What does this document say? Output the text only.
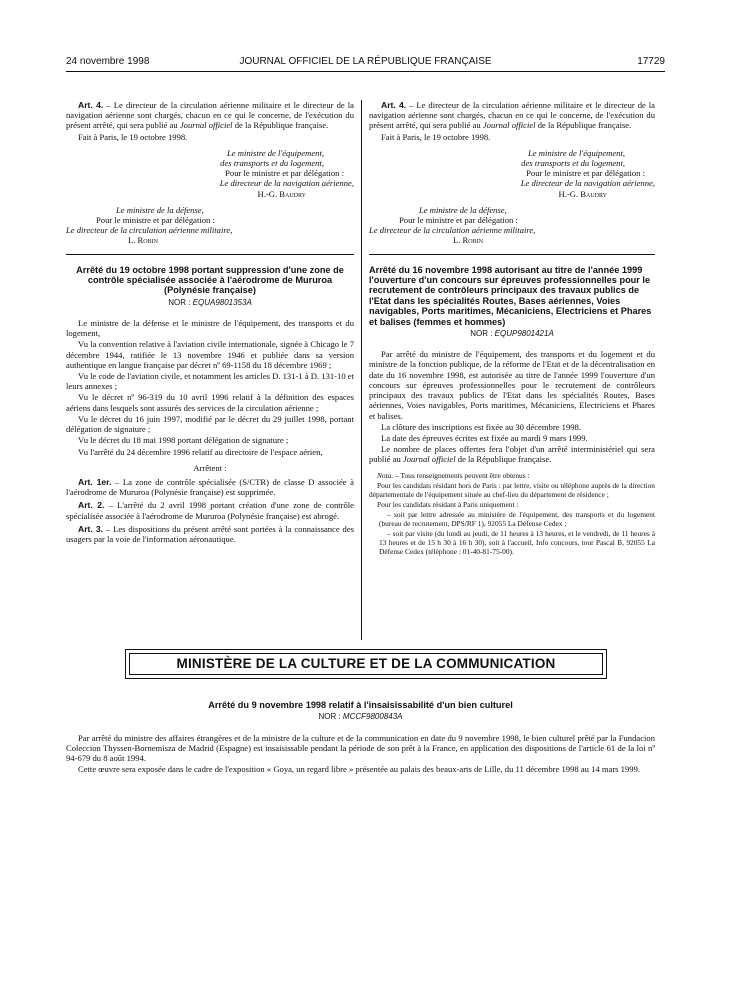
24 novembre 1998	JOURNAL OFFICIEL DE LA RÉPUBLIQUE FRANÇAISE	17729

Art. 4. – Le directeur de la circulation aérienne militaire et le directeur de la navigation aérienne sont chargés, chacun en ce qui le concerne, de l'exécution du présent arrêté, qui sera publié au Journal officiel de la République française.

Fait à Paris, le 19 octobre 1998.

Le ministre de l'équipement,

des transports et du logement,

Pour le ministre et par délégation :

Le directeur de la navigation aérienne,

H.-G. Baudry

Le ministre de la défense,

Pour le ministre et par délégation :

Le directeur de la circulation aérienne militaire,

L. Robin

Arrêté du 19 octobre 1998 portant suppression d'une zone de contrôle spécialisée associée à l'aérodrome de Mururoa (Polynésie française)

NOR : EQUA9801353A

Le ministre de la défense et le ministre de l'équipement, des transports et du logement,

Vu la convention relative à l'aviation civile internationale, signée à Chicago le 7 décembre 1944, ratifiée le 13 novembre 1946 et publiée dans sa version authentique en langue française par décret nº 69-1158 du 18 décembre 1969 ;

Vu le code de l'aviation civile, et notamment les articles D. 131-1 à D. 131-10 et leurs annexes ;

Vu le décret nº 96-319 du 10 avril 1996 relatif à la définition des espaces aériens dans lesquels sont assurés des services de la circulation aérienne ;

Vu le décret du 16 juin 1997, modifié par le décret du 29 juillet 1998, portant délégation de signature ;

Vu le décret du 18 mai 1998 portant délégation de signature ;

Vu l'arrêté du 24 décembre 1996 relatif au directoire de l'espace aérien,

Arrêtent :

Art. 1er. – La zone de contrôle spécialisée (S/CTR) de classe D associée à l'aérodrome de Mururoa (Polynésie française) est supprimée.

Art. 2. – L'arrêté du 2 avril 1998 portant création d'une zone de contrôle spécialisée associée à l'aérodrome de Mururoa (Polynésie française) est abrogé.

Art. 3. – Les dispositions du présent arrêté sont portées à la connaissance des usagers par la voie de l'information aéronautique.

Art. 4. – Le directeur de la circulation aérienne militaire et le directeur de la navigation aérienne sont chargés, chacun en ce qui le concerne, de l'exécution du présent arrêté, qui sera publié au Journal officiel de la République française.

Fait à Paris, le 19 octobre 1998.

Le ministre de l'équipement,

des transports et du logement,

Pour le ministre et par délégation :

Le directeur de la navigation aérienne,

H.-G. Baudry

Le ministre de la défense,

Pour le ministre et par délégation :

Le directeur de la circulation aérienne militaire,

L. Robin

Arrêté du 16 novembre 1998 autorisant au titre de l'année 1999 l'ouverture d'un concours sur épreuves professionnelles pour le recrutement de contrôleurs principaux des travaux publics de l'Etat dans les spécialités Routes, Bases aériennes, Voies navigables, Ports maritimes, Mécaniciens, Electriciens et Phares et balises (femmes et hommes)

NOR : EQUP9801421A

Par arrêté du ministre de l'équipement, des transports et du logement et du ministre de la fonction publique, de la réforme de l'Etat et de la décentralisation en date du 16 novembre 1998, est autorisée au titre de l'année 1999 l'ouverture d'un concours sur épreuves professionnelles pour le recrutement de contrôleurs principaux des travaux publics de l'Etat dans les spécialités Routes, Bases aériennes, Voies navigables, Ports maritimes, Mécaniciens, Electriciens et Phares et balises.

La clôture des inscriptions est fixée au 30 décembre 1998.

La date des épreuves écrites est fixée au mardi 9 mars 1999.

Le nombre de places offertes fera l'objet d'un arrêté interministériel qui sera publié au Journal officiel de la République française.

Nota. – Tous renseignements peuvent être obtenus :

Pour les candidats résidant hors de Paris : par lettre, visite ou téléphone auprès de la direction départementale de l'équipement située au chef-lieu du département de résidence ;

Pour les candidats résidant à Paris uniquement :

– soit par lettre adressée au ministère de l'équipement, des transports et du logement (bureau de recrutement, DPS/RF 1), 92055 La Défense Cedex ;

– soit par visite (du lundi au jeudi, de 11 heures à 13 heures, et le vendredi, de 11 heures à 13 heures et de 15 h 30 à 16 h 30), soit à l'accueil, Info concours, tour Pascal B, 92055 La Défense Cedex (téléphone : 01-40-81-75-00).

MINISTÈRE DE LA CULTURE ET DE LA COMMUNICATION

Arrêté du 9 novembre 1998 relatif à l'insaisissabilité d'un bien culturel

NOR : MCCF9800843A

Par arrêté du ministre des affaires étrangères et de la ministre de la culture et de la communication en date du 9 novembre 1998, le bien culturel prêté par la Fundacion Coleccion Thyssen-Bornemisza de Madrid (Espagne) est insaisissable pendant la période de son prêt à la France, en application des dispositions de l'article 61 de la loi nº 94-679 du 8 août 1994.

Cette œuvre sera exposée dans le cadre de l'exposition « Goya, un regard libre » présentée au palais des beaux-arts de Lille, du 11 décembre 1998 au 14 mars 1999.
